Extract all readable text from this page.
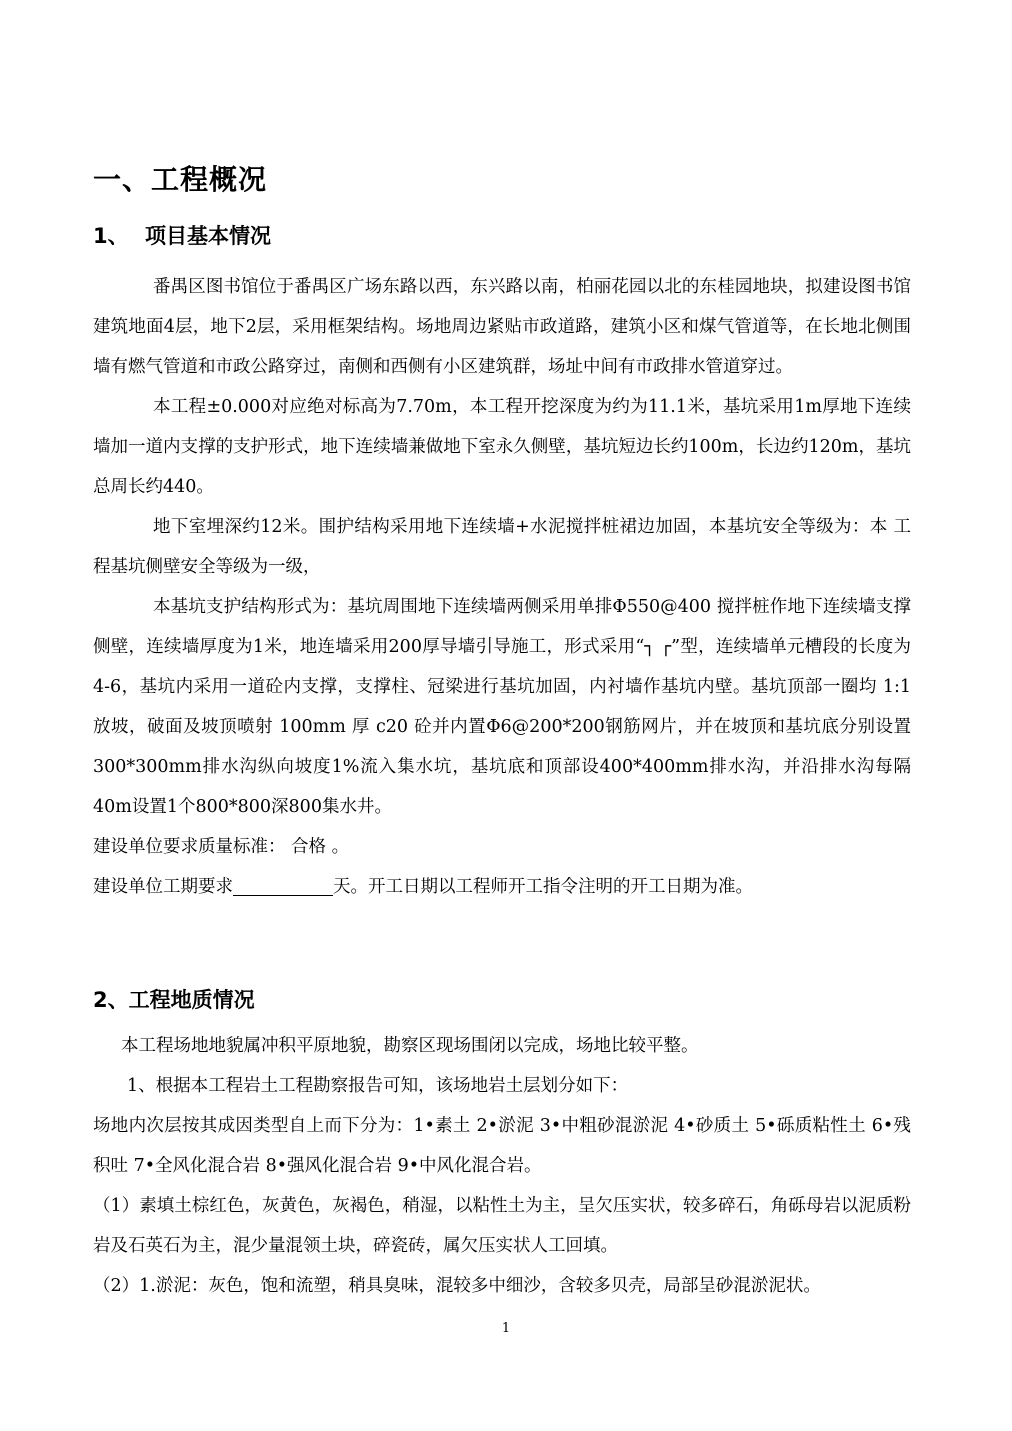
一、工程概况
1、 项目基本情况

番禺区图书馆位于番禺区广场东路以西，东兴路以南，柏丽花园以北的东桂园地块，拟建设图书馆建筑地面4层，地下2层，采用框架结构。场地周边紧贴市政道路，建筑小区和煤气管道等，在长地北侧围墙有燃气管道和市政公路穿过，南侧和西侧有小区建筑群，场址中间有市政排水管道穿过。

本工程±0.000对应绝对标高为7.70m，本工程开挖深度为约为11.1米，基坑采用1m厚地下连续墙加一道内支撑的支护形式，地下连续墙兼做地下室永久侧壁，基坑短边长约100m，长边约120m，基坑总周长约440。

地下室埋深约12米。围护结构采用地下连续墙+水泥搅拌桩裙边加固，本基坑安全等级为：本 工程基坑侧壁安全等级为一级，

本基坑支护结构形式为：基坑周围地下连续墙两侧采用单排Φ550@400 搅拌桩作地下连续墙支撑侧壁，连续墙厚度为1米，地连墙采用200厚导墙引导施工，形式采用“┐ ┌”型，连续墙单元槽段的长度为4-6，基坑内采用一道砼内支撑，支撑柱、冠梁进行基坑加固，内衬墙作基坑内壁。基坑顶部一圈均 1:1 放坡，破面及坡顶喷射 100mm 厚 c20 砼并内置Φ6@200*200钢筋网片，并在坡顶和基坑底分别设置300*300mm排水沟纵向坡度1%流入集水坑，基坑底和顶部设400*400mm排水沟，并沿排水沟每隔40m设置1个800*800深800集水井。

建设单位要求质量标准： 合格 。

建设单位工期要求	天。开工日期以工程师开工指令注明的开工日期为准。

2、工程地质情况

本工程场地地貌属冲积平原地貌，勘察区现场围闭以完成，场地比较平整。

1、根据本工程岩土工程勘察报告可知，该场地岩土层划分如下：

场地内次层按其成因类型自上而下分为：1•素土 2•淤泥 3•中粗砂混淤泥 4•砂质土 5•砾质粘性土 6•残积吐 7•全风化混合岩 8•强风化混合岩 9•中风化混合岩。

（1）素填土棕红色，灰黄色，灰褐色，稍湿，以粘性土为主，呈欠压实状，较多碎石，角砾母岩以泥质粉岩及石英石为主，混少量混领土块，碎瓷砖，属欠压实状人工回填。

（2）1.淤泥：灰色，饱和流塑，稍具臭味，混较多中细沙，含较多贝壳，局部呈砂混淤泥状。

1
